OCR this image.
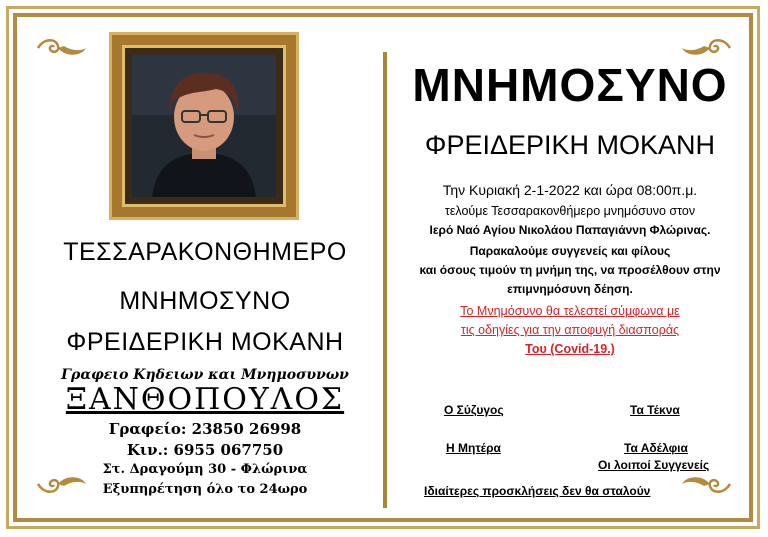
ΤΕΣΣΑΡΑΚΟΝΘΗΜΕΡΟ
ΜΝΗΜΟΣΥΝΟ
ΦΡΕΙΔΕΡΙΚΗ ΜΟΚΑΝΗ
Γραφειο Κηδειων και Μνημοσυνων
ΞΑΝΘΟΠΟΥΛΟΣ
Γραφείο: 23850 26998
Κιν.: 6955 067750
Στ. Δραγούμη 30 - Φλώρινα
Εξυπηρέτηση όλο το 24ωρο
ΜΝΗΜΟΣΥΝΟ
ΦΡΕΙΔΕΡΙΚΗ ΜΟΚΑΝΗ
Την Κυριακή 2-1-2022 και ώρα 08:00π.μ.
τελούμε Τεσσαρακονθήμερο μνημόσυνο στον
Ιερό Ναό Αγίου Νικολάου Παπαγιάννη Φλώρινας.
Παρακαλούμε συγγενείς και φίλους
και όσους τιμούν τη μνήμη της, να προσέλθουν στην
επιμνημόσυνη δέηση.
Το Μνημόσυνο θα τελεστεί σύμφωνα με
τις οδηγίες για την αποφυγή διασποράς
Του (Covid-19.)
Ο Σύζυγος	Τα Τέκνα
Η Μητέρα	Τα Αδέλφια
Οι λοιποί Συγγενείς
Ιδιαίτερες προσκλήσεις δεν θα σταλούν
